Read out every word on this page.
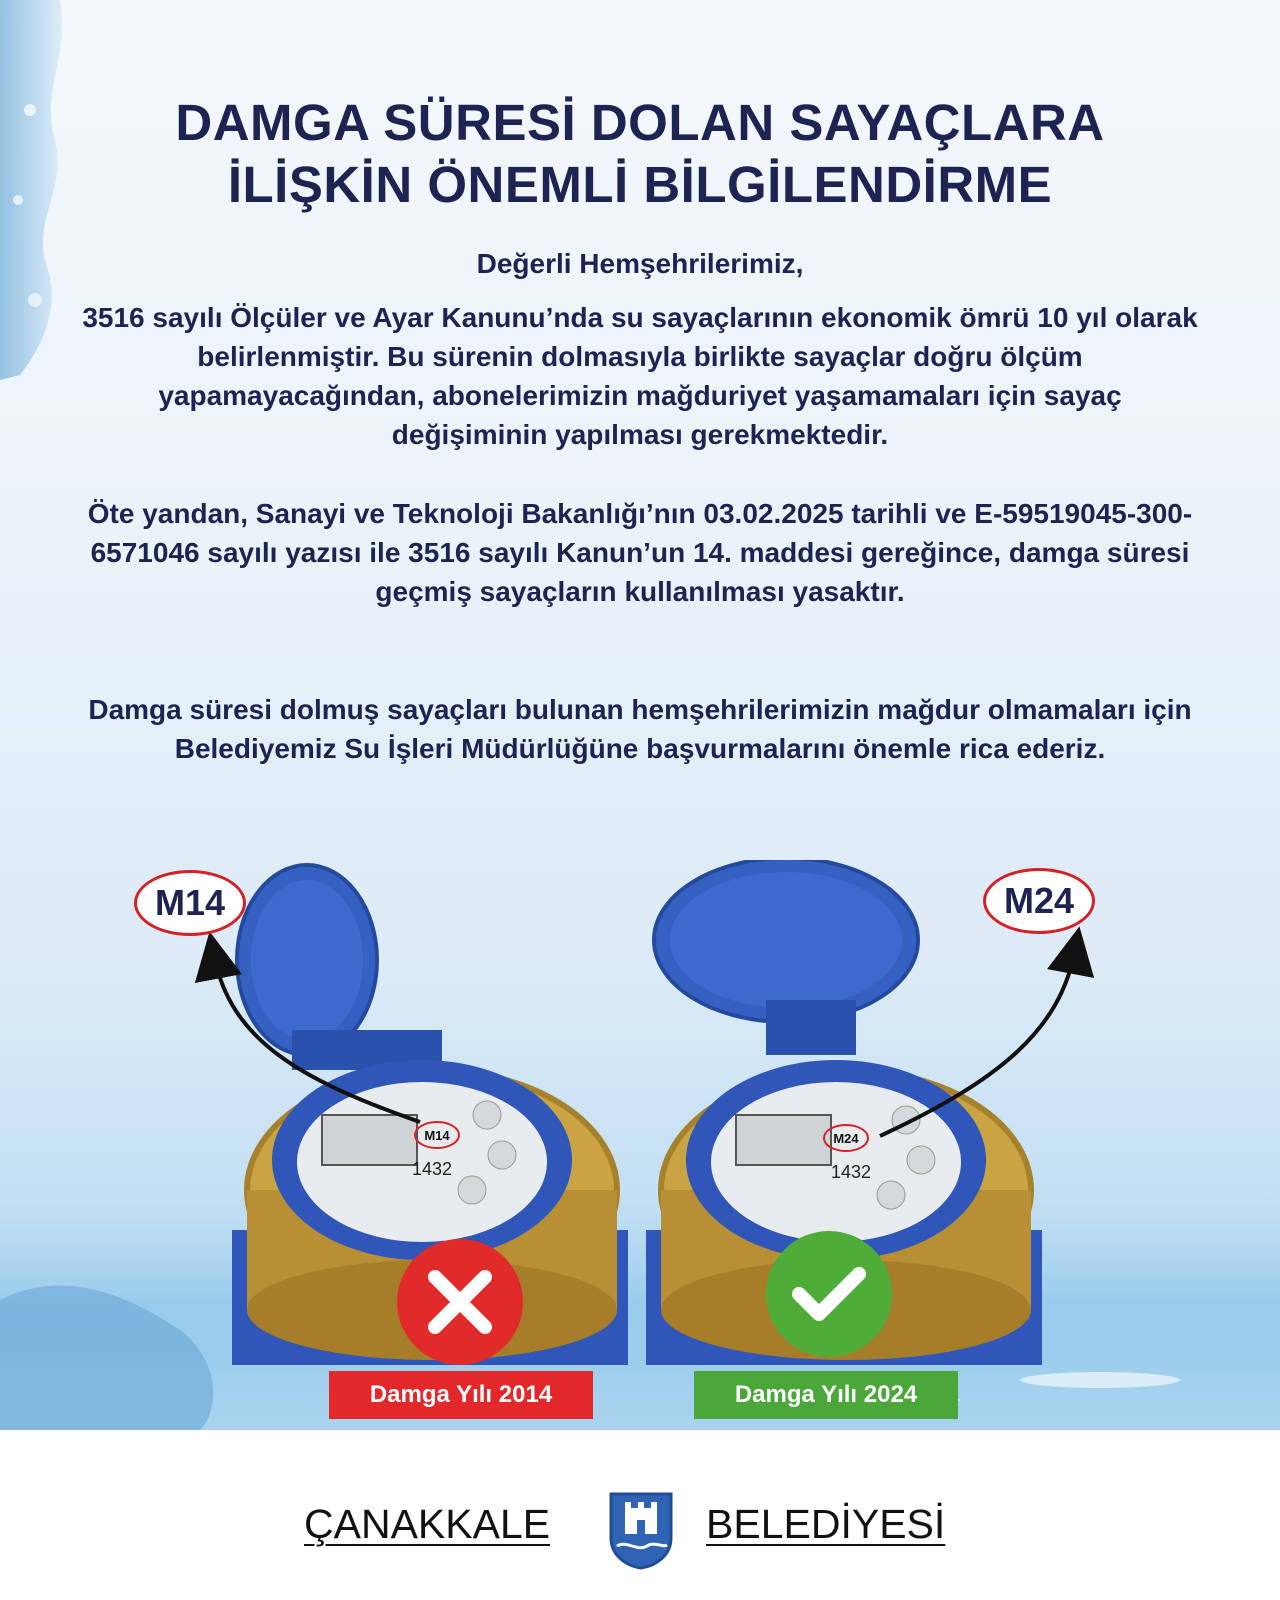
DAMGA SÜRESİ DOLAN SAYAÇLARA
İLİŞKİN ÖNEMLİ BİLGİLENDİRME
Değerli Hemşehrilerimiz,
3516 sayılı Ölçüler ve Ayar Kanunu’nda su sayaçlarının ekonomik ömrü 10 yıl olarak belirlenmiştir. Bu sürenin dolmasıyla birlikte sayaçlar doğru ölçüm yapamayacağından, abonelerimizin mağduriyet yaşamamaları için sayaç değişiminin yapılması gerekmektedir.
Öte yandan, Sanayi ve Teknoloji Bakanlığı’nın 03.02.2025 tarihli ve E-59519045-300-6571046 sayılı yazısı ile 3516 sayılı Kanun’un 14. maddesi gereğince, damga süresi geçmiş sayaçların kullanılması yasaktır.
Damga süresi dolmuş sayaçları bulunan hemşehrilerimizin mağdur olmamaları için Belediyemiz Su İşleri Müdürlüğüne başvurmalarını önemle rica ederiz.
M14
1432
M24
1432
M14	M24
Damga Yılı 2014	Damga Yılı 2024
ÇANAKKALE	BELEDİYESİ
